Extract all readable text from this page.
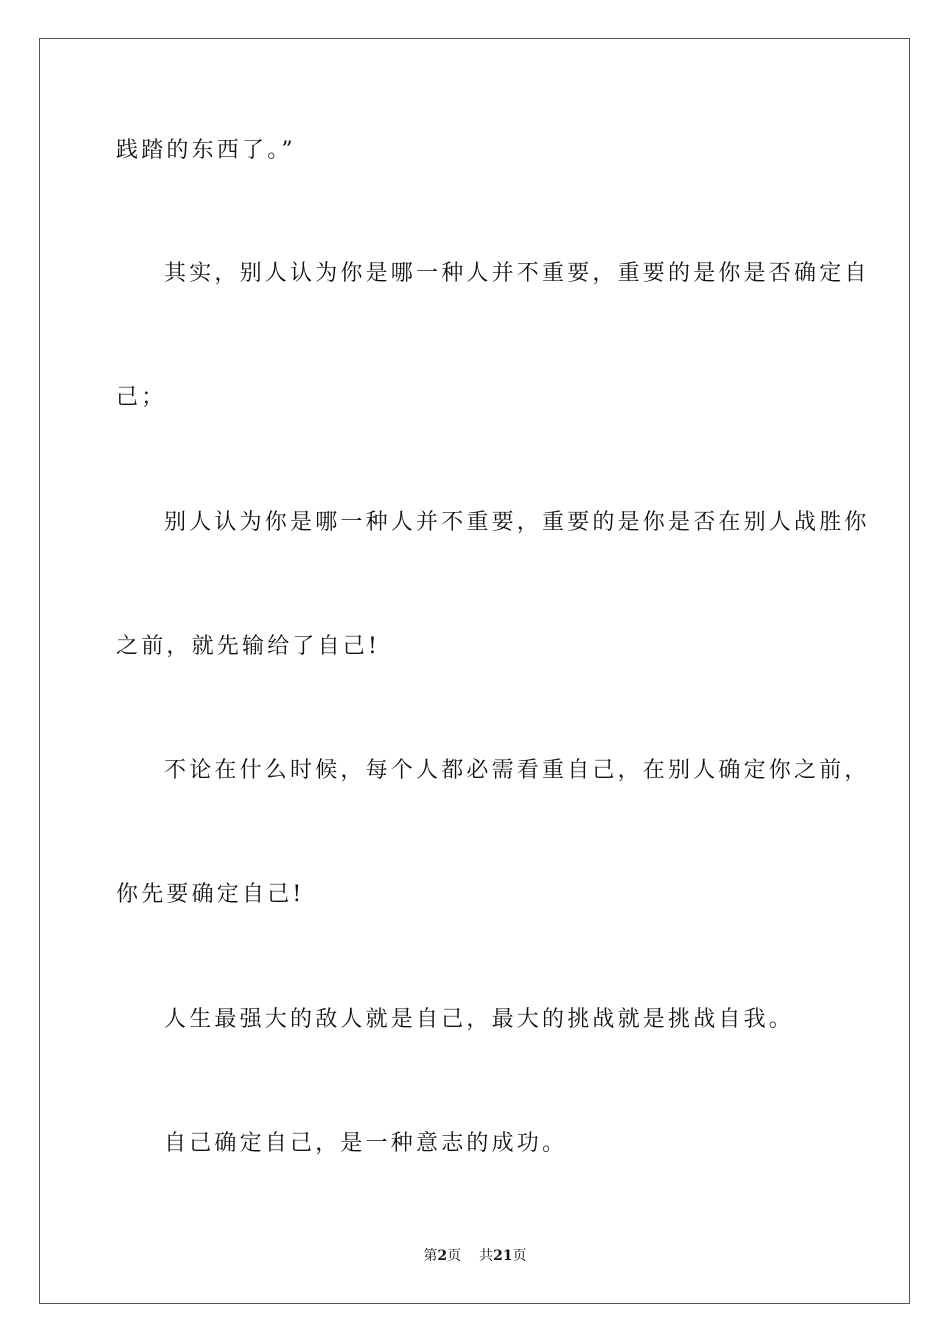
践踏的东西了。”
其实，别人认为你是哪一种人并不重要，重要的是你是否确定自
己；
别人认为你是哪一种人并不重要，重要的是你是否在别人战胜你
之前，就先输给了自己!
不论在什么时候，每个人都必需看重自己，在别人确定你之前，
你先要确定自己!
人生最强大的敌人就是自己，最大的挑战就是挑战自我。
自己确定自己，是一种意志的成功。
第2页 共21页
